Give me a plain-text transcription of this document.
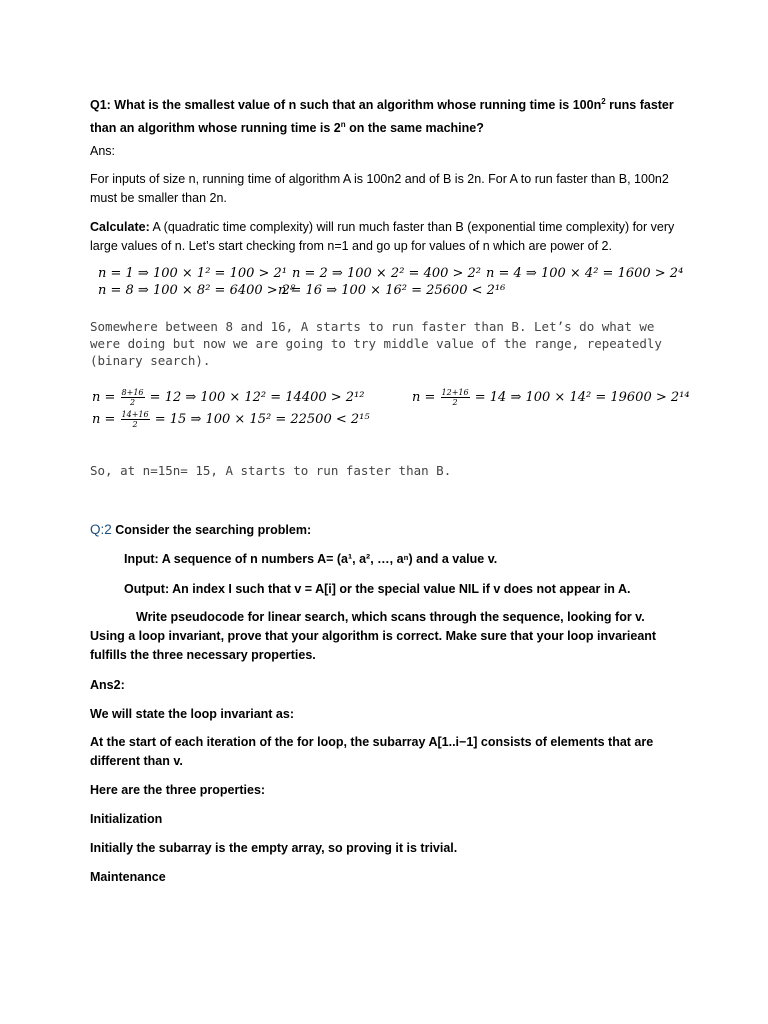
Q1: What is the smallest value of n such that an algorithm whose running time is $100n^2$ runs faster than an algorithm whose running time is 2$^n$ on the same machine?
Ans:
For inputs of size n, running time of algorithm A is 100n2 and of B is 2n. For A to run faster than B, 100n2 must be smaller than 2n.
Calculate: A (quadratic time complexity) will run much faster than B (exponential time complexity) for very large values of n. Let’s start checking from n=1 and go up for values of n which are power of 2.
n = 1 ⇒ 100 × 1² = 100 > 2¹ n = 2 ⇒ 100 × 2² = 400 > 2² n = 4 ⇒ 100 × 4² = 1600 > 2⁴
n = 8 ⇒ 100 × 8² = 6400 > 2⁸
n = 16 ⇒ 100 × 16² = 25600 < 2¹⁶
Somewhere between 8 and 16, A starts to run faster than B. Let’s do what we were doing but now we are going to try middle value of the range, repeatedly (binary search).
$n = \frac{8+16}{2} = 12$ ⇒ 100 × 12² = 14400 > 2¹²	$n = \frac{12+16}{2} = 14$ ⇒ 100 × 14² = 19600 > 2¹⁴
$n = \frac{14+16}{2} = 15$ ⇒ 100 × 15² = 22500 < 2¹⁵
So, at n=15n= 15, A starts to run faster than B.
Q:2 Consider the searching problem:
Input: A sequence of n numbers A= (a¹, a², …, aⁿ) and a value v.
Output: An index I such that v = A[i] or the special value NIL if v does not appear in A.
Write pseudocode for linear search, which scans through the sequence, looking for v. Using a loop invariant, prove that your algorithm is correct. Make sure that your loop invarieant fulfills the three necessary properties.
Ans2:
We will state the loop invariant as:
At the start of each iteration of the for loop, the subarray A[1..i−1] consists of elements that are different than v.
Here are the three properties:
Initialization
Initially the subarray is the empty array, so proving it is trivial.
Maintenance
